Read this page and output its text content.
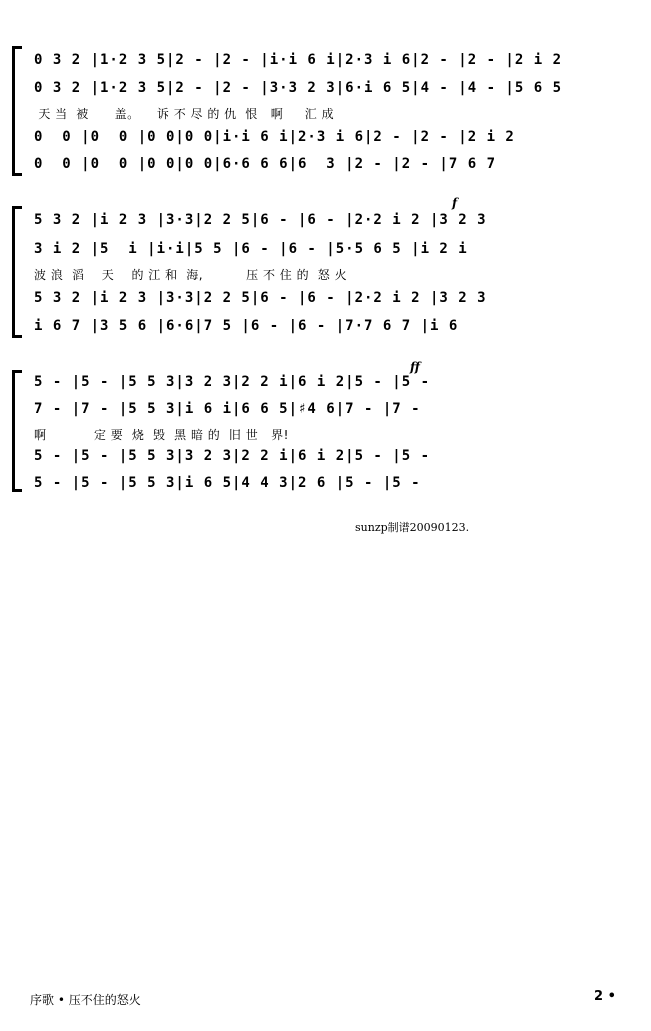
0 3 2 |1·2 3 5|2 - |2 - |i·i 6 i|2·3 i 6|2 - |2 - |2 i 2
0 3 2 |1·2 3 5|2 - |2 - |3·3 2 3|6·i 6 5|4 - |4 - |5 6 5
天 当  被      盖。    诉 不 尽 的 仇  恨   啊     汇 成
0  0 |0  0 |0 0|0 0|i·i 6 i|2·3 i 6|2 - |2 - |2 i 2
0  0 |0  0 |0 0|0 0|6·6 6 6|6  3 |2 - |2 - |7 6 7
f
5 3 2 |i 2 3 |3·3|2 2 5|6 - |6 - |2·2 i 2 |3 2 3
3 i 2 |5  i |i·i|5 5 |6 - |6 - |5·5 6 5 |i 2 i
波 浪  滔    天    的 江 和  海,          压 不 住 的  怒 火
5 3 2 |i 2 3 |3·3|2 2 5|6 - |6 - |2·2 i 2 |3 2 3
i 6 7 |3 5 6 |6·6|7 5 |6 - |6 - |7·7 6 7 |i 6
ff
5 - |5 - |5 5 3|3 2 3|2 2 i|6 i 2|5 - |5 -
7 - |7 - |5 5 3|i 6 i|6 6 5|♯4 6|7 - |7 -
啊           定 要  烧  毁  黑 暗 的  旧 世   界!
5 - |5 - |5 5 3|3 2 3|2 2 i|6 i 2|5 - |5 -
5 - |5 - |5 5 3|i 6 5|4 4 3|2 6 |5 - |5 -
sunzp制谱20090123.
序歌 • 压不住的怒火	2 •
